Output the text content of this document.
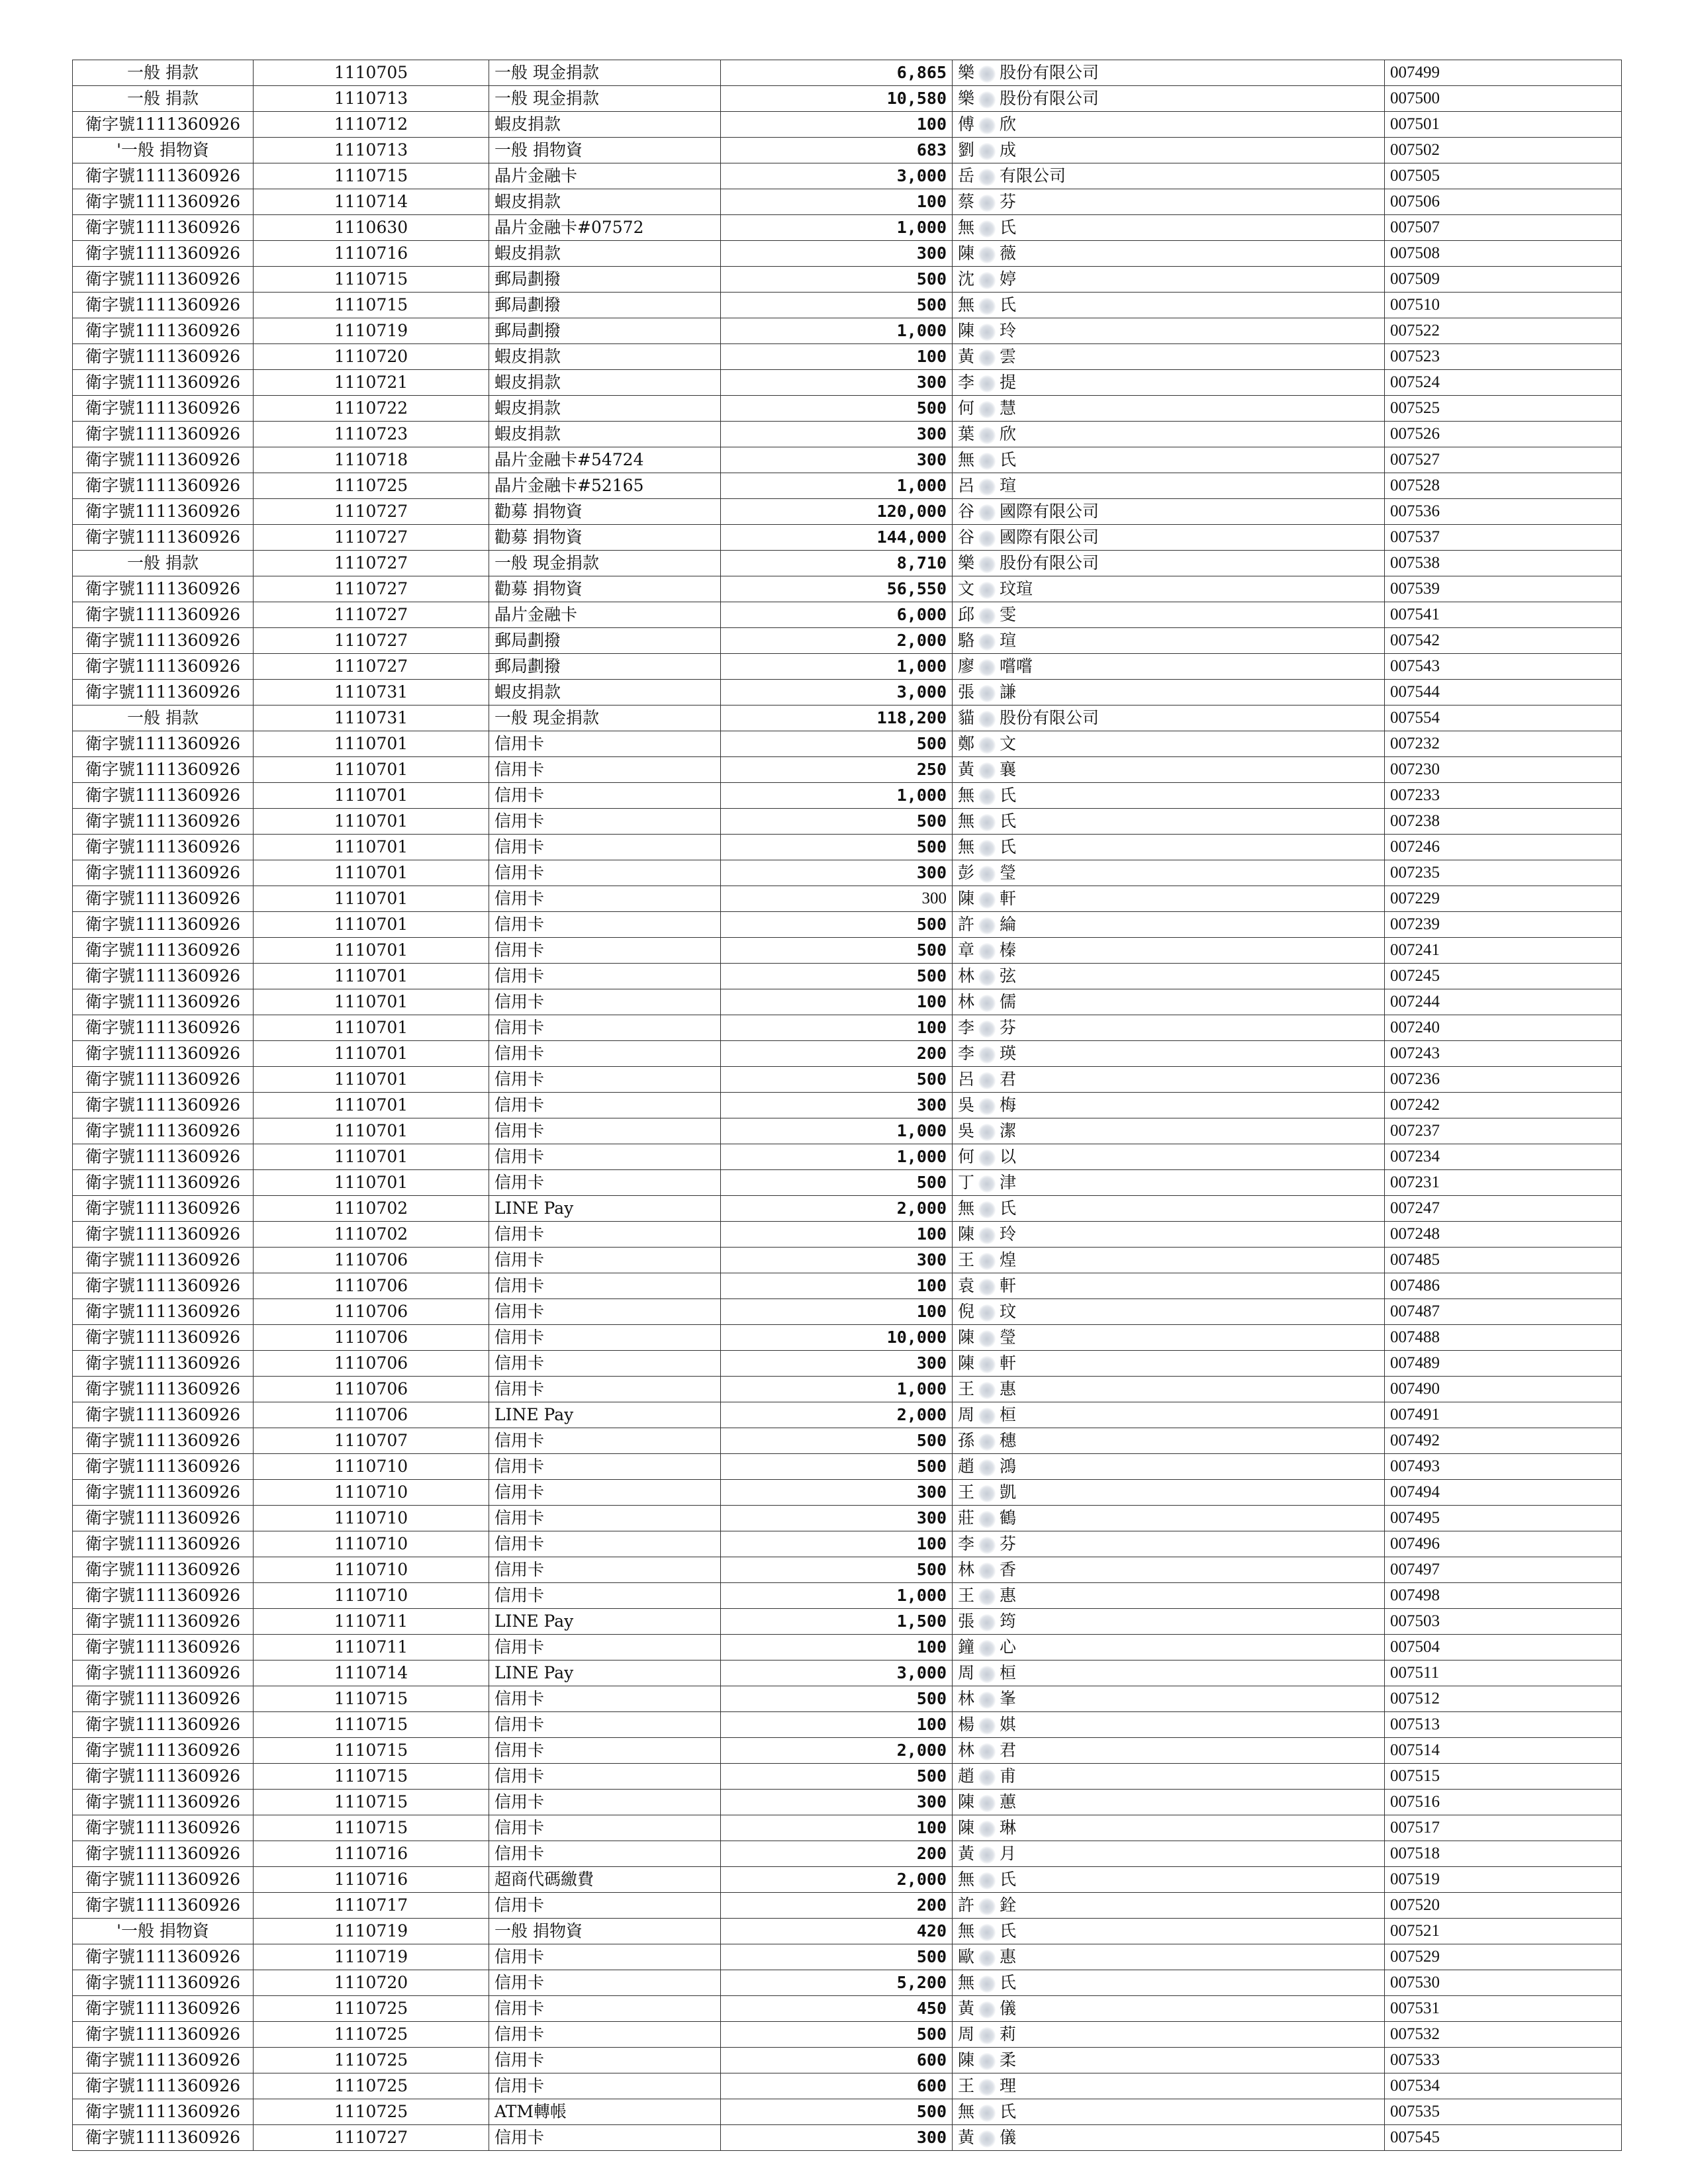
一般 捐款	1110705	一般 現金捐款	6,865	樂 股份有限公司	007499
一般 捐款	1110713	一般 現金捐款	10,580	樂 股份有限公司	007500
衛字號1111360926	1110712	蝦皮捐款	100	傅 欣	007501
'一般 捐物資	1110713	一般 捐物資	683	劉 成	007502
衛字號1111360926	1110715	晶片金融卡	3,000	岳 有限公司	007505
衛字號1111360926	1110714	蝦皮捐款	100	蔡 芬	007506
衛字號1111360926	1110630	晶片金融卡#07572	1,000	無 氏	007507
衛字號1111360926	1110716	蝦皮捐款	300	陳 薇	007508
衛字號1111360926	1110715	郵局劃撥	500	沈 婷	007509
衛字號1111360926	1110715	郵局劃撥	500	無 氏	007510
衛字號1111360926	1110719	郵局劃撥	1,000	陳 玲	007522
衛字號1111360926	1110720	蝦皮捐款	100	黃 雲	007523
衛字號1111360926	1110721	蝦皮捐款	300	李 提	007524
衛字號1111360926	1110722	蝦皮捐款	500	何 慧	007525
衛字號1111360926	1110723	蝦皮捐款	300	葉 欣	007526
衛字號1111360926	1110718	晶片金融卡#54724	300	無 氏	007527
衛字號1111360926	1110725	晶片金融卡#52165	1,000	呂 瑄	007528
衛字號1111360926	1110727	勸募 捐物資	120,000	谷 國際有限公司	007536
衛字號1111360926	1110727	勸募 捐物資	144,000	谷 國際有限公司	007537
一般 捐款	1110727	一般 現金捐款	8,710	樂 股份有限公司	007538
衛字號1111360926	1110727	勸募 捐物資	56,550	文 玟瑄	007539
衛字號1111360926	1110727	晶片金融卡	6,000	邱 雯	007541
衛字號1111360926	1110727	郵局劃撥	2,000	駱 瑄	007542
衛字號1111360926	1110727	郵局劃撥	1,000	廖 嚐嚐	007543
衛字號1111360926	1110731	蝦皮捐款	3,000	張 謙	007544
一般 捐款	1110731	一般 現金捐款	118,200	貓 股份有限公司	007554
衛字號1111360926	1110701	信用卡	500	鄭 文	007232
衛字號1111360926	1110701	信用卡	250	黃 襄	007230
衛字號1111360926	1110701	信用卡	1,000	無 氏	007233
衛字號1111360926	1110701	信用卡	500	無 氏	007238
衛字號1111360926	1110701	信用卡	500	無 氏	007246
衛字號1111360926	1110701	信用卡	300	彭 瑩	007235
衛字號1111360926	1110701	信用卡	300	陳 軒	007229
衛字號1111360926	1110701	信用卡	500	許 綸	007239
衛字號1111360926	1110701	信用卡	500	章 榛	007241
衛字號1111360926	1110701	信用卡	500	林 弦	007245
衛字號1111360926	1110701	信用卡	100	林 儒	007244
衛字號1111360926	1110701	信用卡	100	李 芬	007240
衛字號1111360926	1110701	信用卡	200	李 瑛	007243
衛字號1111360926	1110701	信用卡	500	呂 君	007236
衛字號1111360926	1110701	信用卡	300	吳 梅	007242
衛字號1111360926	1110701	信用卡	1,000	吳 潔	007237
衛字號1111360926	1110701	信用卡	1,000	何 以	007234
衛字號1111360926	1110701	信用卡	500	丁 津	007231
衛字號1111360926	1110702	LINE Pay	2,000	無 氏	007247
衛字號1111360926	1110702	信用卡	100	陳 玲	007248
衛字號1111360926	1110706	信用卡	300	王 煌	007485
衛字號1111360926	1110706	信用卡	100	袁 軒	007486
衛字號1111360926	1110706	信用卡	100	倪 玟	007487
衛字號1111360926	1110706	信用卡	10,000	陳 瑩	007488
衛字號1111360926	1110706	信用卡	300	陳 軒	007489
衛字號1111360926	1110706	信用卡	1,000	王 惠	007490
衛字號1111360926	1110706	LINE Pay	2,000	周 桓	007491
衛字號1111360926	1110707	信用卡	500	孫 穗	007492
衛字號1111360926	1110710	信用卡	500	趙 鴻	007493
衛字號1111360926	1110710	信用卡	300	王 凱	007494
衛字號1111360926	1110710	信用卡	300	莊 鶴	007495
衛字號1111360926	1110710	信用卡	100	李 芬	007496
衛字號1111360926	1110710	信用卡	500	林 香	007497
衛字號1111360926	1110710	信用卡	1,000	王 惠	007498
衛字號1111360926	1110711	LINE Pay	1,500	張 筠	007503
衛字號1111360926	1110711	信用卡	100	鐘 心	007504
衛字號1111360926	1110714	LINE Pay	3,000	周 桓	007511
衛字號1111360926	1110715	信用卡	500	林 峯	007512
衛字號1111360926	1110715	信用卡	100	楊 娸	007513
衛字號1111360926	1110715	信用卡	2,000	林 君	007514
衛字號1111360926	1110715	信用卡	500	趙 甫	007515
衛字號1111360926	1110715	信用卡	300	陳 蕙	007516
衛字號1111360926	1110715	信用卡	100	陳 琳	007517
衛字號1111360926	1110716	信用卡	200	黃 月	007518
衛字號1111360926	1110716	超商代碼繳費	2,000	無 氏	007519
衛字號1111360926	1110717	信用卡	200	許 銓	007520
'一般 捐物資	1110719	一般 捐物資	420	無 氏	007521
衛字號1111360926	1110719	信用卡	500	歐 惠	007529
衛字號1111360926	1110720	信用卡	5,200	無 氏	007530
衛字號1111360926	1110725	信用卡	450	黃 儀	007531
衛字號1111360926	1110725	信用卡	500	周 莉	007532
衛字號1111360926	1110725	信用卡	600	陳 柔	007533
衛字號1111360926	1110725	信用卡	600	王 理	007534
衛字號1111360926	1110725	ATM轉帳	500	無 氏	007535
衛字號1111360926	1110727	信用卡	300	黃 儀	007545
